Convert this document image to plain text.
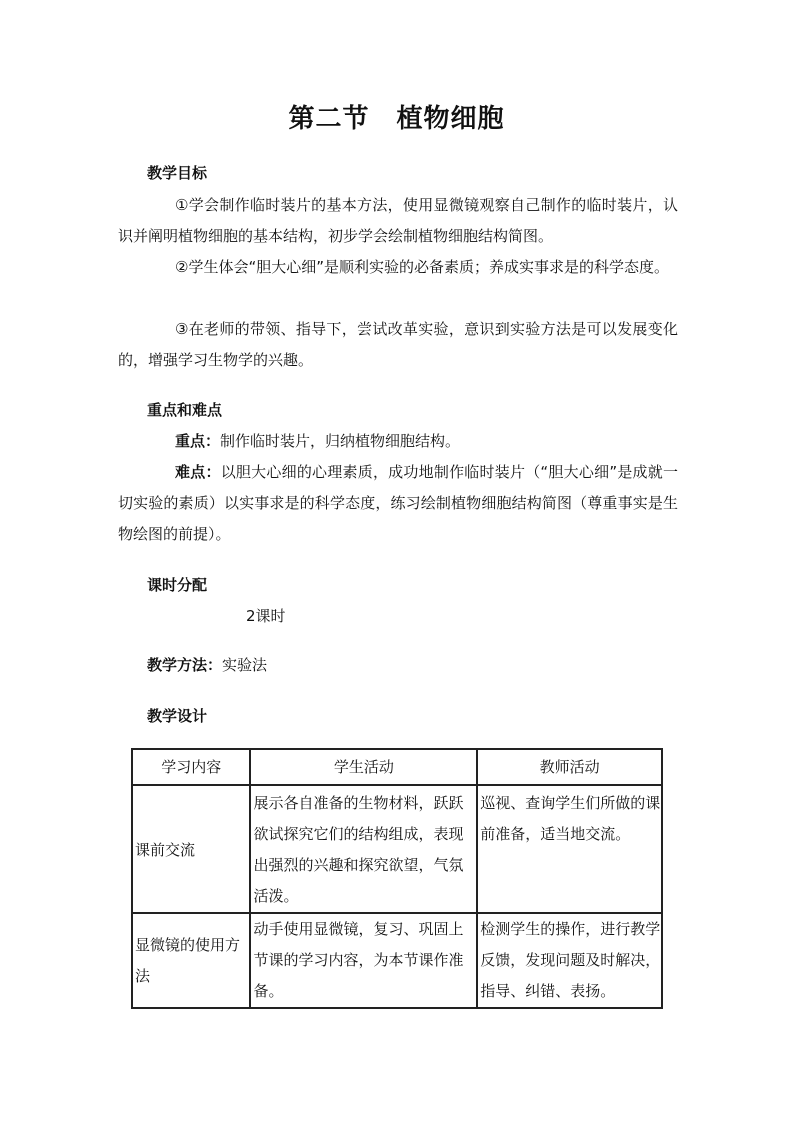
第二节　植物细胞
教学目标
①学会制作临时装片的基本方法，使用显微镜观察自己制作的临时装片，认识并阐明植物细胞的基本结构，初步学会绘制植物细胞结构简图。
②学生体会“胆大心细”是顺利实验的必备素质；养成实事求是的科学态度。
③在老师的带领、指导下，尝试改革实验，意识到实验方法是可以发展变化的，增强学习生物学的兴趣。
重点和难点
重点：制作临时装片，归纳植物细胞结构。
难点：以胆大心细的心理素质，成功地制作临时装片（“胆大心细”是成就一切实验的素质）以实事求是的科学态度，练习绘制植物细胞结构简图（尊重事实是生物绘图的前提）。
课时分配
2课时
教学方法：实验法
教学设计
学习内容	学生活动	教师活动
课前交流	展示各自准备的生物材料，跃跃欲试探究它们的结构组成，表现出强烈的兴趣和探究欲望，气氛活泼。	巡视、查询学生们所做的课前准备，适当地交流。
显微镜的使用方法	动手使用显微镜，复习、巩固上节课的学习内容，为本节课作准备。	检测学生的操作，进行教学反馈，发现问题及时解决，指导、纠错、表扬。
